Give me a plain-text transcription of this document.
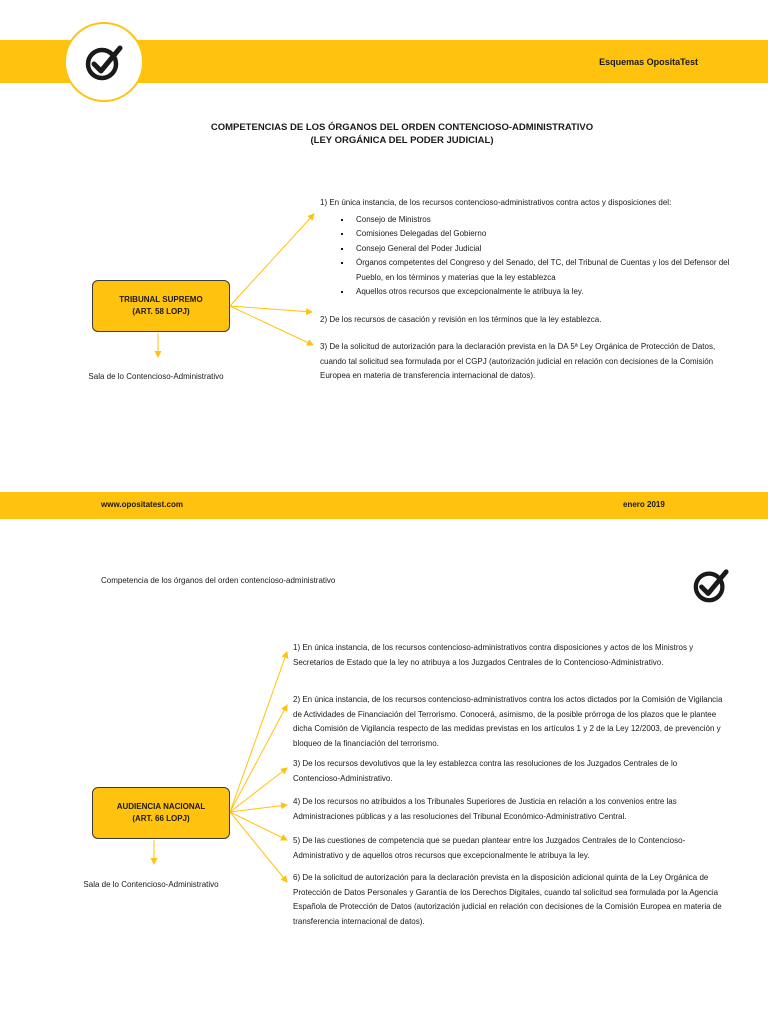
Esquemas OpositaTest
COMPETENCIAS DE LOS ÓRGANOS DEL ORDEN CONTENCIOSO-ADMINISTRATIVO
(LEY ORGÁNICA DEL PODER JUDICIAL)
TRIBUNAL SUPREMO
(ART. 58 LOPJ)
Sala de lo Contencioso-Administrativo
1) En única instancia, de los recursos contencioso-administrativos contra actos y disposiciones del:
▪ Consejo de Ministros
▪ Comisiones Delegadas del Gobierno
▪ Consejo General del Poder Judicial
▪ Órganos competentes del Congreso y del Senado, del TC, del Tribunal de Cuentas y los del Defensor del Pueblo, en los términos y materias que la ley establezca
▪ Aquellos otros recursos que excepcionalmente le atribuya la ley.
2) De los recursos de casación y revisión en los términos que la ley establezca.
3) De la solicitud de autorización para la declaración prevista en la DA 5ª Ley Orgánica de Protección de Datos, cuando tal solicitud sea formulada por el CGPJ (autorización judicial en relación con decisiones de la Comisión Europea en materia de transferencia internacional de datos).
www.opositatest.com	enero 2019
Competencia de los órganos del orden contencioso-administrativo
AUDIENCIA NACIONAL
(ART. 66 LOPJ)
Sala de lo Contencioso-Administrativo
1) En única instancia, de los recursos contencioso-administrativos contra disposiciones y actos de los Ministros y Secretarios de Estado que la ley no atribuya a los Juzgados Centrales de lo Contencioso-Administrativo.
2) En única instancia, de los recursos contencioso-administrativos contra los actos dictados por la Comisión de Vigilancia de Actividades de Financiación del Terrorismo. Conocerá, asimismo, de la posible prórroga de los plazos que le plantee dicha Comisión de Vigilancia respecto de las medidas previstas en los artículos 1 y 2 de la Ley 12/2003, de prevención y bloqueo de la financiación del terrorismo.
3) De los recursos devolutivos que la ley establezca contra las resoluciones de los Juzgados Centrales de lo Contencioso-Administrativo.
4) De los recursos no atribuidos a los Tribunales Superiores de Justicia en relación a los convenios entre las Administraciones públicas y a las resoluciones del Tribunal Económico-Administrativo Central.
5) De las cuestiones de competencia que se puedan plantear entre los Juzgados Centrales de lo Contencioso-Administrativo y de aquellos otros recursos que excepcionalmente le atribuya la ley.
6) De la solicitud de autorización para la declaración prevista en la disposición adicional quinta de la Ley Orgánica de Protección de Datos Personales y Garantía de los Derechos Digitales, cuando tal solicitud sea formulada por la Agencia Española de Protección de Datos (autorización judicial en relación con decisiones de la Comisión Europea en materia de transferencia internacional de datos).
